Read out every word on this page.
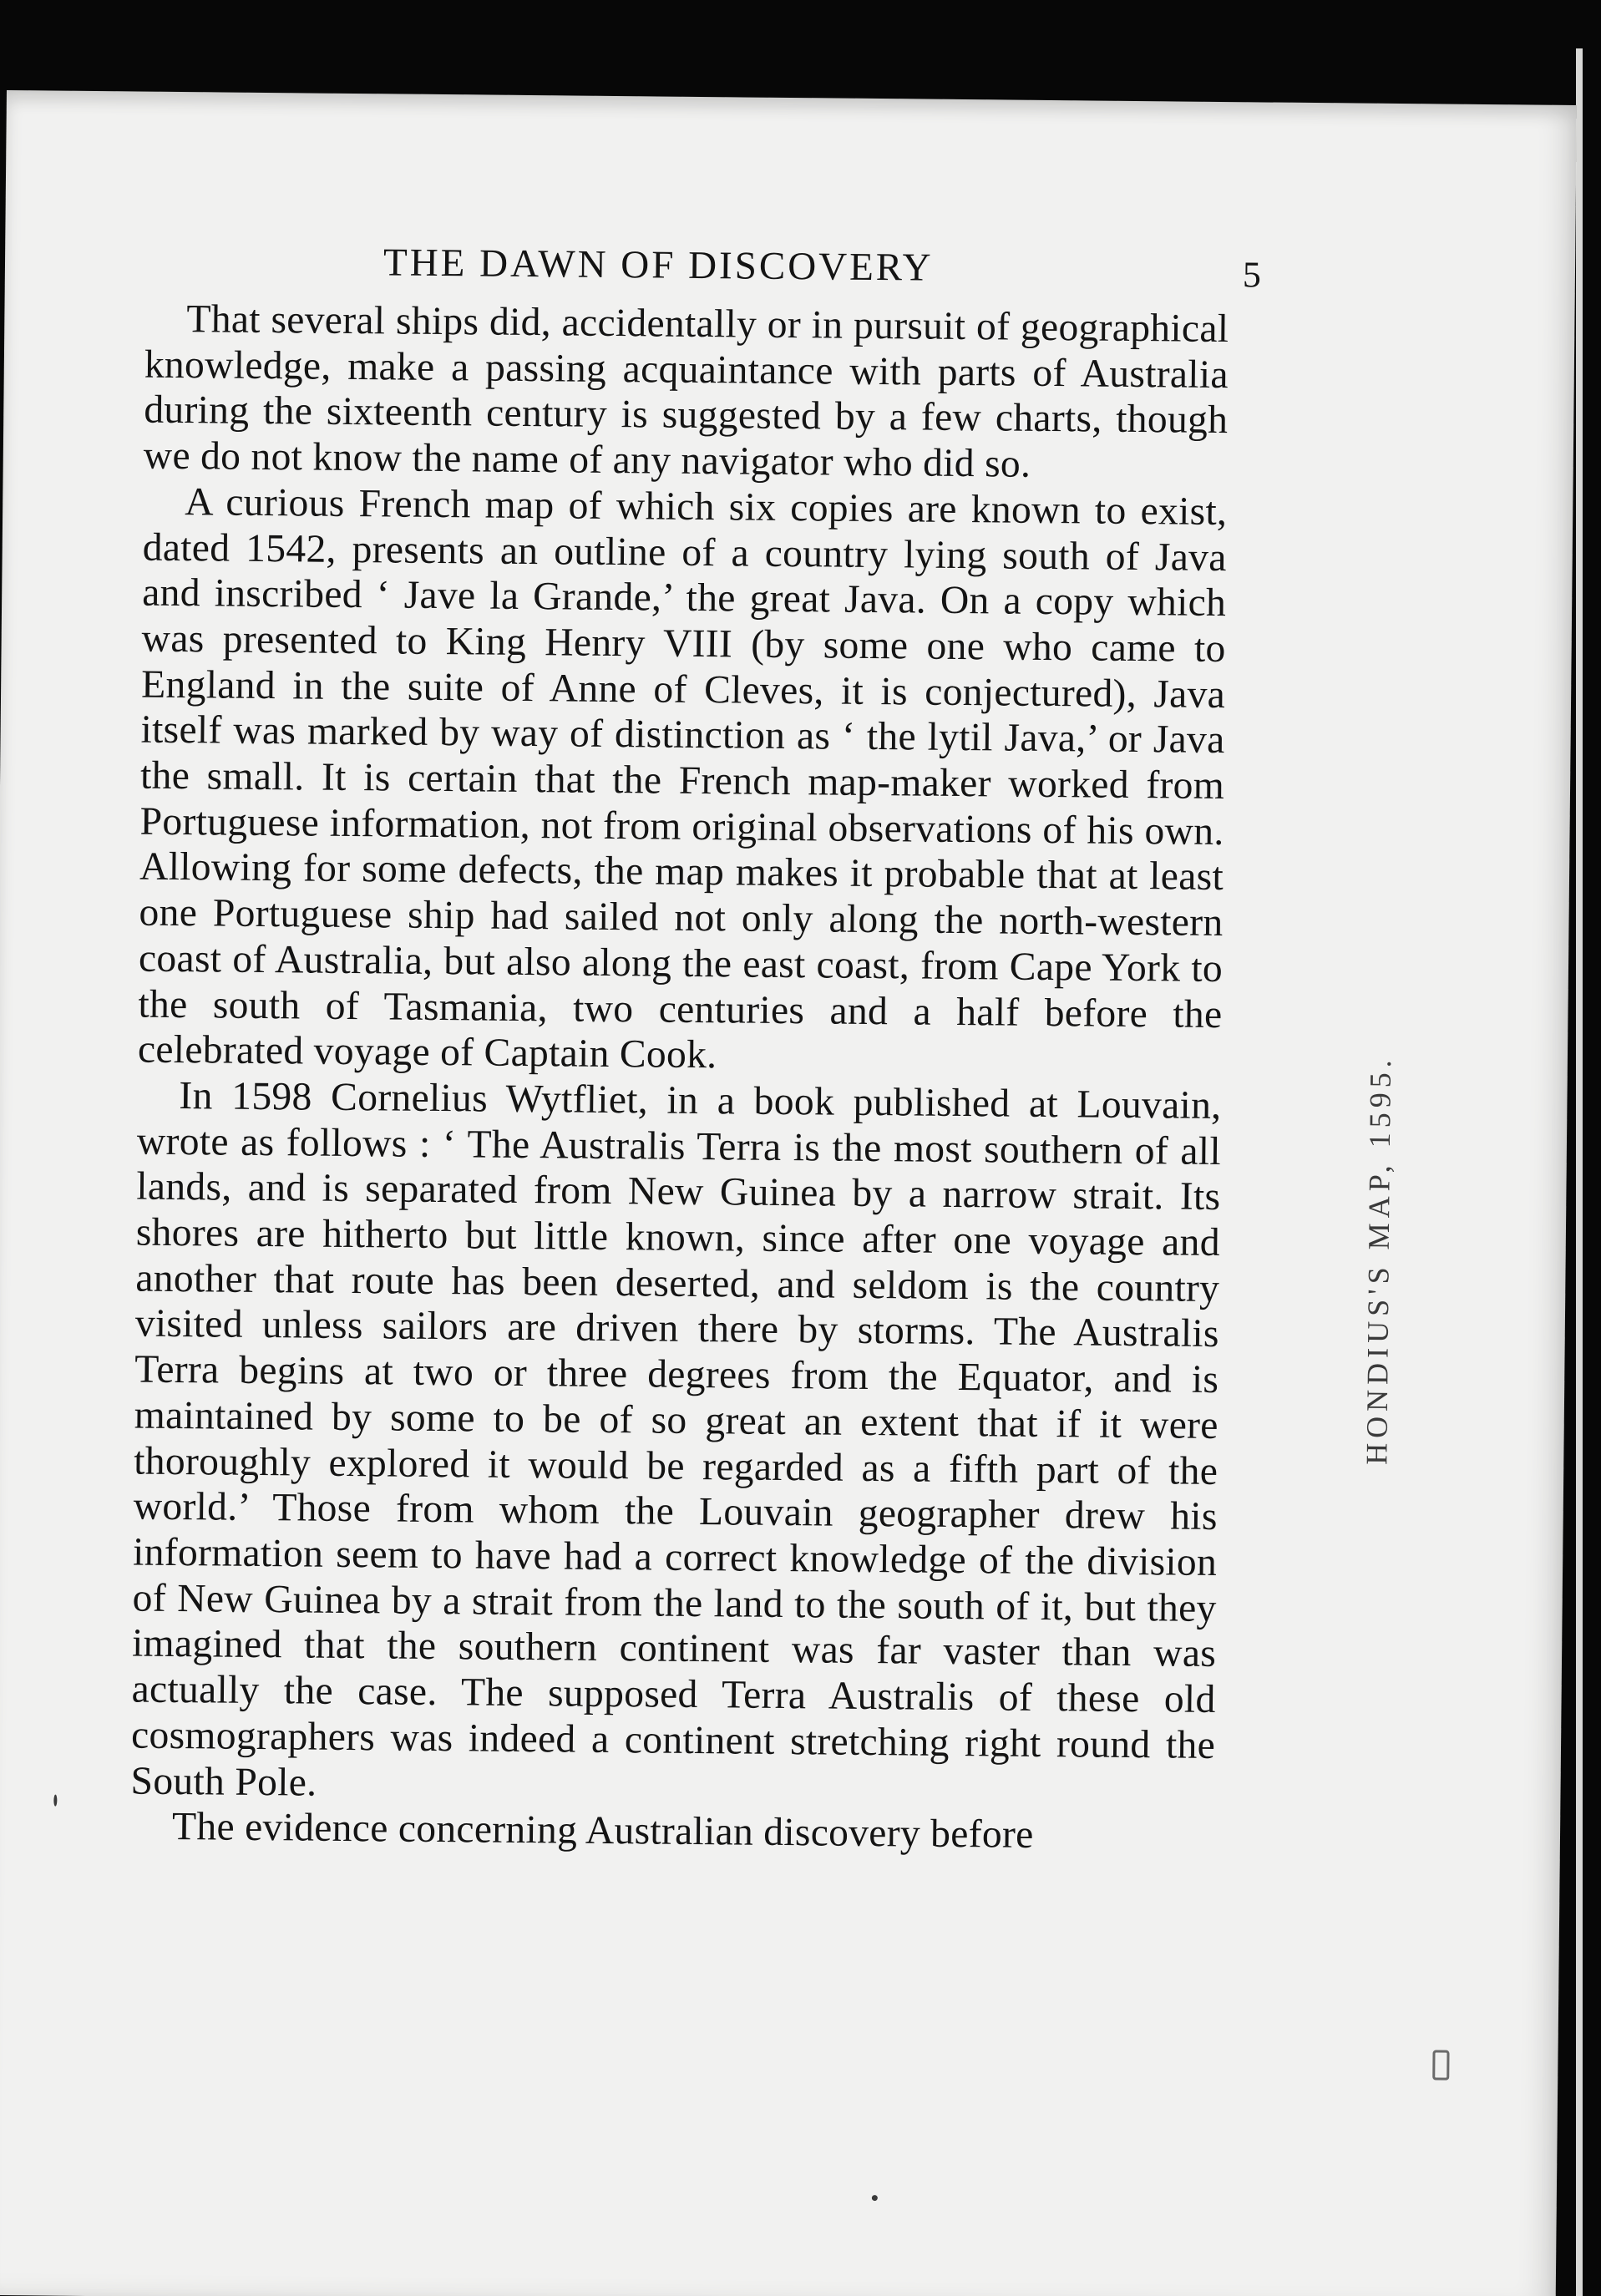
THE DAWN OF DISCOVERY	5

That several ships did, accidentally or in pursuit of geographical knowledge, make a passing acquaintance with parts of Australia during the sixteenth century is suggested by a few charts, though we do not know the name of any navigator who did so.

A curious French map of which six copies are known to exist, dated 1542, presents an outline of a country lying south of Java and inscribed ‘ Jave la Grande,’ the great Java. On a copy which was presented to King Henry VIII (by some one who came to England in the suite of Anne of Cleves, it is conjectured), Java itself was marked by way of distinction as ‘ the lytil Java,’ or Java the small. It is certain that the French map-maker worked from Portuguese information, not from original observations of his own. Allowing for some defects, the map makes it probable that at least one Portuguese ship had sailed not only along the north-western coast of Australia, but also along the east coast, from Cape York to the south of Tasmania, two centuries and a half before the celebrated voyage of Captain Cook.

In 1598 Cornelius Wytfliet, in a book published at Louvain, wrote as follows : ‘ The Australis Terra is the most southern of all lands, and is separated from New Guinea by a narrow strait. Its shores are hitherto but little known, since after one voyage and another that route has been deserted, and seldom is the country visited unless sailors are driven there by storms. The Australis Terra begins at two or three degrees from the Equator, and is maintained by some to be of so great an extent that if it were thoroughly explored it would be regarded as a fifth part of the world.’ Those from whom the Louvain geographer drew his information seem to have had a correct knowledge of the division of New Guinea by a strait from the land to the south of it, but they imagined that the southern continent was far vaster than was actually the case. The supposed Terra Australis of these old cosmographers was indeed a continent stretching right round the South Pole.

The evidence concerning Australian discovery before

HONDIUS'S MAP, 1595.
